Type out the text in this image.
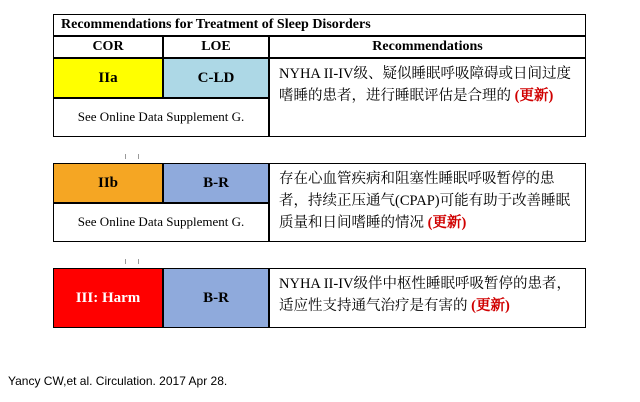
Recommendations for Treatment of Sleep Disorders
COR	LOE	Recommendations
IIa	C-LD
See Online Data Supplement G.
NYHA II-IV级、疑似睡眠呼吸障碍或日间过度嗜睡的患者，进行睡眠评估是合理的 (更新)
IIb	B-R
See Online Data Supplement G.
存在心血管疾病和阻塞性睡眠呼吸暂停的患者，持续正压通气(CPAP)可能有助于改善睡眠质量和日间嗜睡的情况 (更新)
III: Harm	B-R
NYHA II-IV级伴中枢性睡眠呼吸暂停的患者，适应性支持通气治疗是有害的 (更新)
Yancy CW,et al. Circulation. 2017 Apr 28.
